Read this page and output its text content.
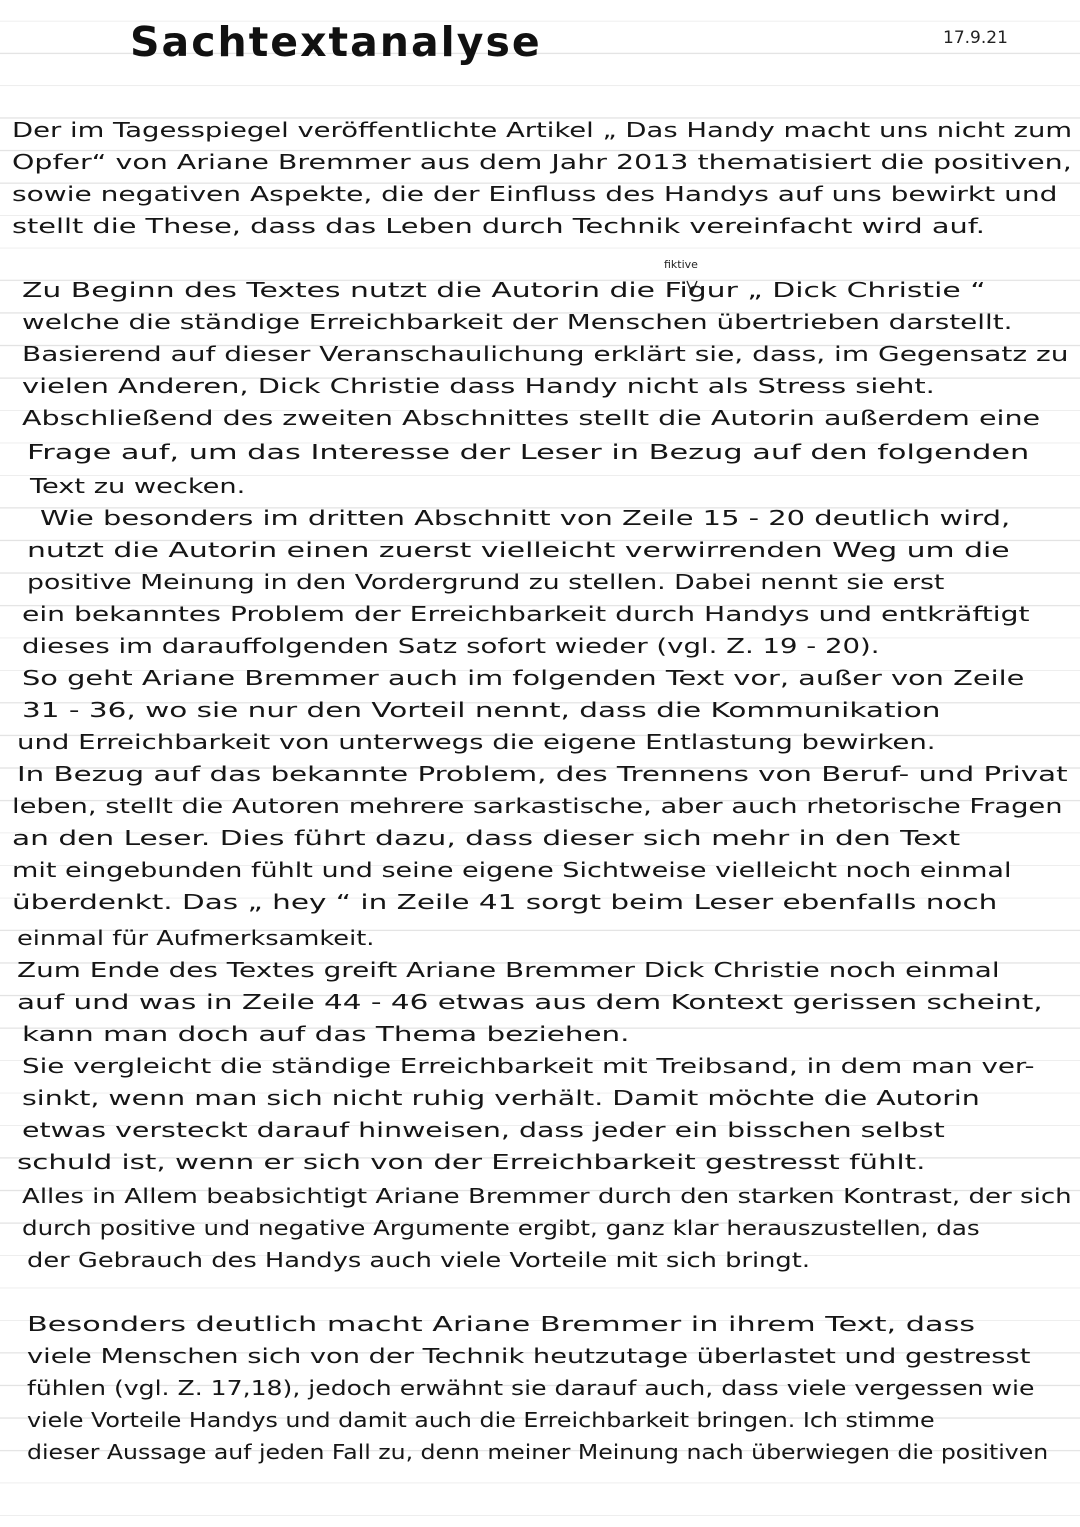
Sachtextanalyse	17.9.21
fiktive
Der im Tagesspiegel veröffentlichte Artikel „ Das Handy macht uns nicht zum
Opfer“ von Ariane Bremmer aus dem Jahr 2013 thematisiert die positiven,
sowie negativen Aspekte, die der Einfluss des Handys auf uns bewirkt und
stellt die These, dass das Leben durch Technik vereinfacht wird auf.
Zu Beginn des Textes nutzt die Autorin die Figur „ Dick Christie “
welche die ständige Erreichbarkeit der Menschen übertrieben darstellt.
Basierend auf dieser Veranschaulichung erklärt sie, dass, im Gegensatz zu
vielen Anderen, Dick Christie dass Handy nicht als Stress sieht.
Abschließend des zweiten Abschnittes stellt die Autorin außerdem eine
Frage auf, um das Interesse der Leser in Bezug auf den folgenden
Text zu wecken.
Wie besonders im dritten Abschnitt von Zeile 15 - 20 deutlich wird,
nutzt die Autorin einen zuerst vielleicht verwirrenden Weg um die
positive Meinung in den Vordergrund zu stellen. Dabei nennt sie erst
ein bekanntes Problem der Erreichbarkeit durch Handys und entkräftigt
dieses im darauffolgenden Satz sofort wieder (vgl. Z. 19 - 20).
So geht Ariane Bremmer auch im folgenden Text vor, außer von Zeile
31 - 36, wo sie nur den Vorteil nennt, dass die Kommunikation
und Erreichbarkeit von unterwegs die eigene Entlastung bewirken.
In Bezug auf das bekannte Problem, des Trennens von Beruf- und Privat
leben, stellt die Autoren mehrere sarkastische, aber auch rhetorische Fragen
an den Leser. Dies führt dazu, dass dieser sich mehr in den Text
mit eingebunden fühlt und seine eigene Sichtweise vielleicht noch einmal
überdenkt. Das „ hey “ in Zeile 41 sorgt beim Leser ebenfalls noch
einmal für Aufmerksamkeit.
Zum Ende des Textes greift Ariane Bremmer Dick Christie noch einmal
auf und was in Zeile 44 - 46 etwas aus dem Kontext gerissen scheint,
kann man doch auf das Thema beziehen.
Sie vergleicht die ständige Erreichbarkeit mit Treibsand, in dem man ver-
sinkt, wenn man sich nicht ruhig verhält. Damit möchte die Autorin
etwas versteckt darauf hinweisen, dass jeder ein bisschen selbst
schuld ist, wenn er sich von der Erreichbarkeit gestresst fühlt.
Alles in Allem beabsichtigt Ariane Bremmer durch den starken Kontrast, der sich
durch positive und negative Argumente ergibt, ganz klar herauszustellen, das
der Gebrauch des Handys auch viele Vorteile mit sich bringt.
Besonders deutlich macht Ariane Bremmer in ihrem Text, dass
viele Menschen sich von der Technik heutzutage überlastet und gestresst
fühlen (vgl. Z. 17,18), jedoch erwähnt sie darauf auch, dass viele vergessen wie
viele Vorteile Handys und damit auch die Erreichbarkeit bringen. Ich stimme
dieser Aussage auf jeden Fall zu, denn meiner Meinung nach überwiegen die positiven
